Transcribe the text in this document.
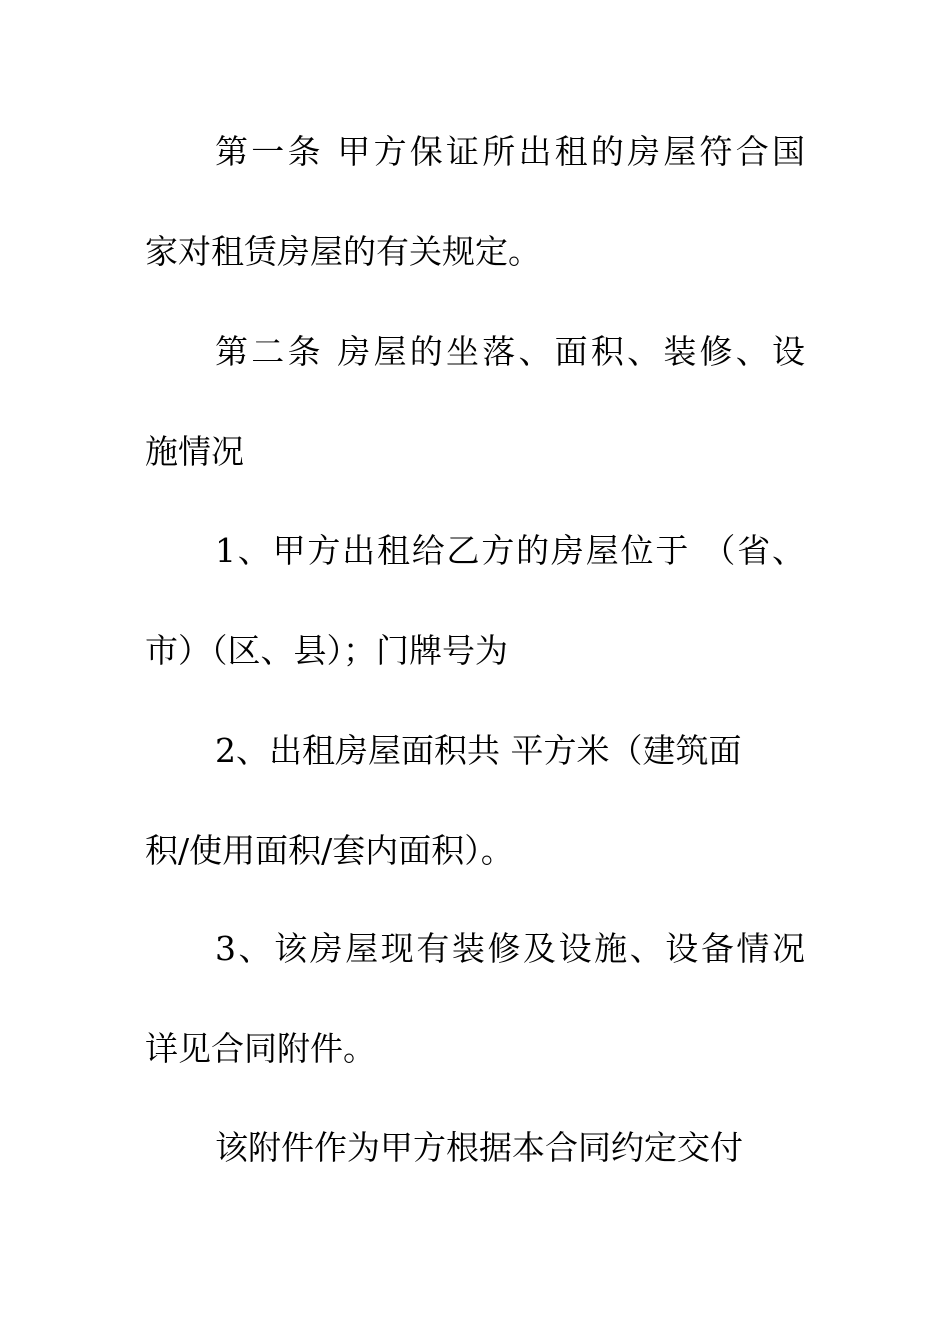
第一条 甲方保证所出租的房屋符合国
家对租赁房屋的有关规定。
第二条 房屋的坐落、面积、装修、设
施情况
1、甲方出租给乙方的房屋位于 （省、
市）（区、县）；门牌号为
2、出租房屋面积共 平方米（建筑面
积/使用面积/套内面积）。
3、该房屋现有装修及设施、设备情况
详见合同附件。
该附件作为甲方根据本合同约定交付
